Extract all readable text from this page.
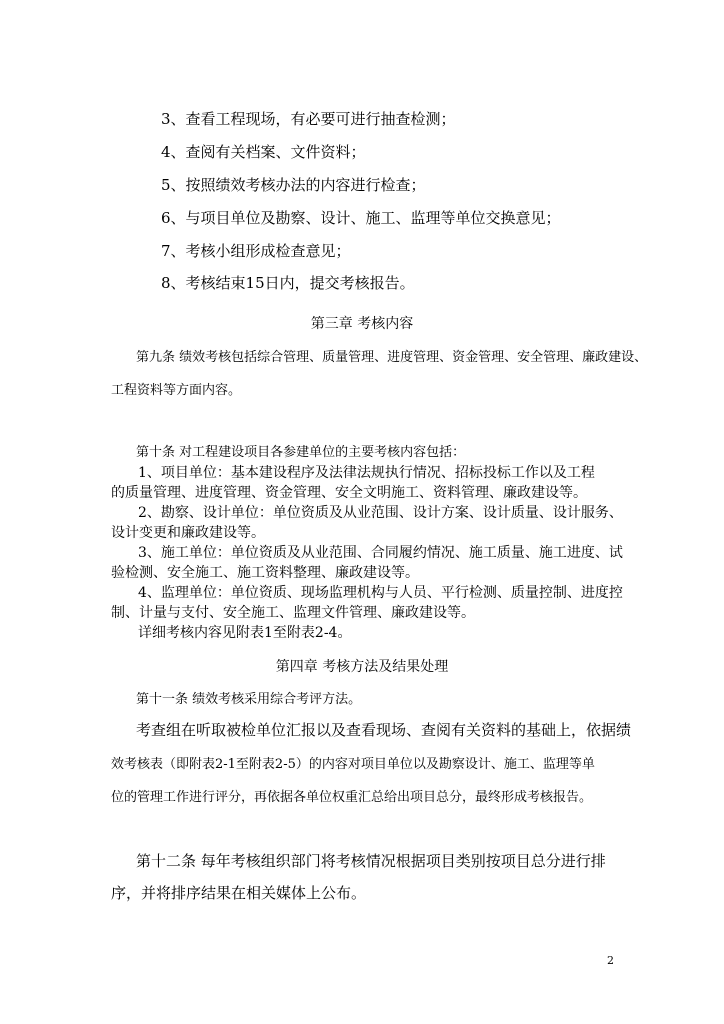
3、查看工程现场，有必要可进行抽查检测；
4、查阅有关档案、文件资料；
5、按照绩效考核办法的内容进行检查；
6、与项目单位及勘察、设计、施工、监理等单位交换意见；
7、考核小组形成检查意见；
8、考核结束15日内，提交考核报告。
第三章 考核内容
第九条 绩效考核包括综合管理、质量管理、进度管理、资金管理、安全管理、廉政建设、
工程资料等方面内容。
第十条 对工程建设项目各参建单位的主要考核内容包括：
1、项目单位：基本建设程序及法律法规执行情况、招标投标工作以及工程
的质量管理、进度管理、资金管理、安全文明施工、资料管理、廉政建设等。
2、勘察、设计单位：单位资质及从业范围、设计方案、设计质量、设计服务、
设计变更和廉政建设等。
3、施工单位：单位资质及从业范围、合同履约情况、施工质量、施工进度、试
验检测、安全施工、施工资料整理、廉政建设等。
4、监理单位：单位资质、现场监理机构与人员、平行检测、质量控制、进度控
制、计量与支付、安全施工、监理文件管理、廉政建设等。
详细考核内容见附表1至附表2-4。
第四章 考核方法及结果处理
第十一条 绩效考核采用综合考评方法。
考查组在听取被检单位汇报以及查看现场、查阅有关资料的基础上，依据绩
效考核表（即附表2-1至附表2-5）的内容对项目单位以及勘察设计、施工、监理等单
位的管理工作进行评分，再依据各单位权重汇总给出项目总分，最终形成考核报告。
第十二条 每年考核组织部门将考核情况根据项目类别按项目总分进行排
序，并将排序结果在相关媒体上公布。
2
